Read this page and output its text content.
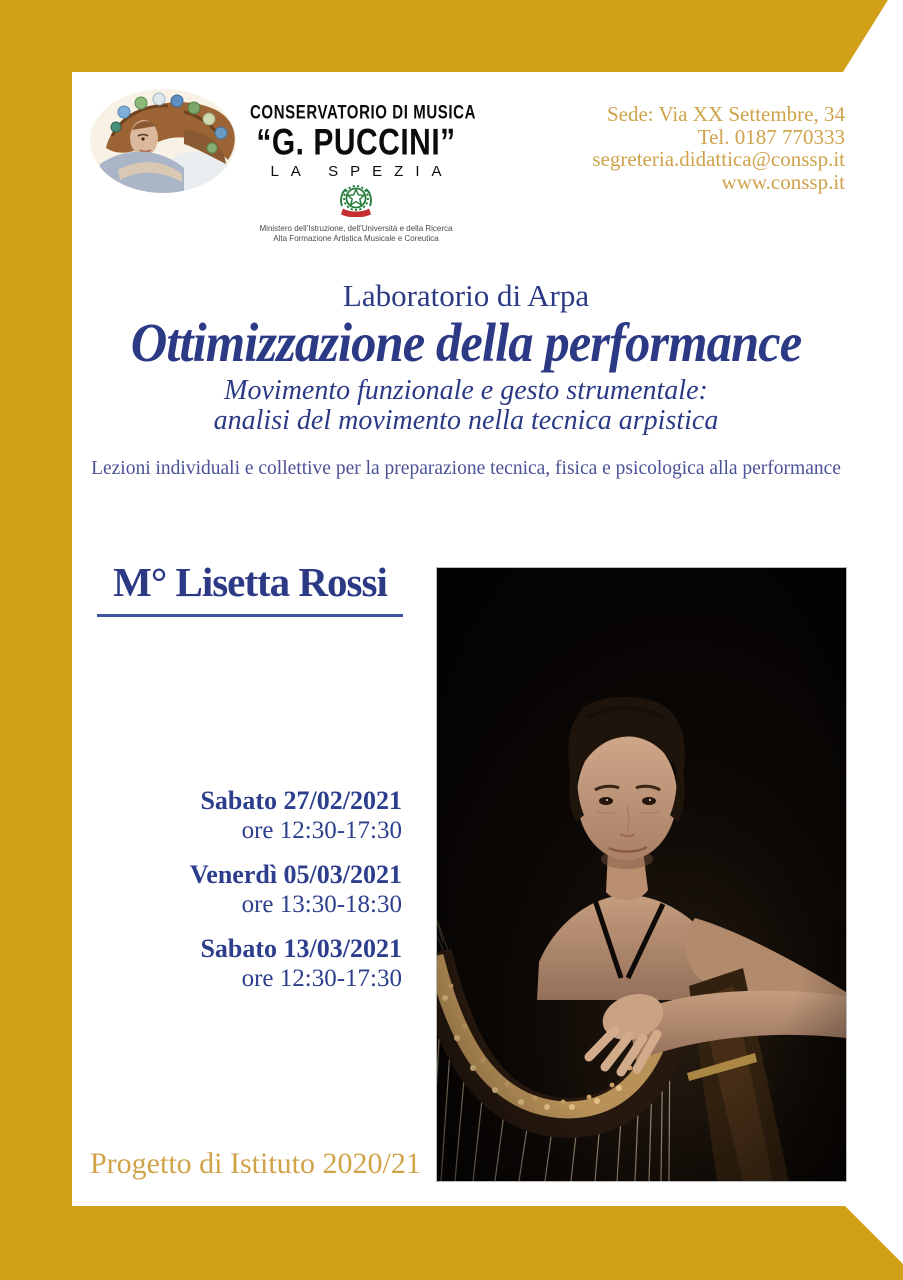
CONSERVATORIO DI MUSICA
“G. PUCCINI”
LA SPEZIA
Ministero dell’Istruzione, dell’Università e della Ricerca
Alta Formazione Artistica Musicale e Coreutica
Sede: Via XX Settembre, 34
Tel. 0187 770333
segreteria.didattica@conssp.it
www.conssp.it
Laboratorio di Arpa
Ottimizzazione della performance
Movimento funzionale e gesto strumentale:
analisi del movimento nella tecnica arpistica
Lezioni individuali e collettive per la preparazione tecnica, fisica e psicologica alla performance
M° Lisetta Rossi
Sabato 27/02/2021
ore 12:30-17:30
Venerdì 05/03/2021
ore 13:30-18:30
Sabato 13/03/2021
ore 12:30-17:30
Progetto di Istituto 2020/21
